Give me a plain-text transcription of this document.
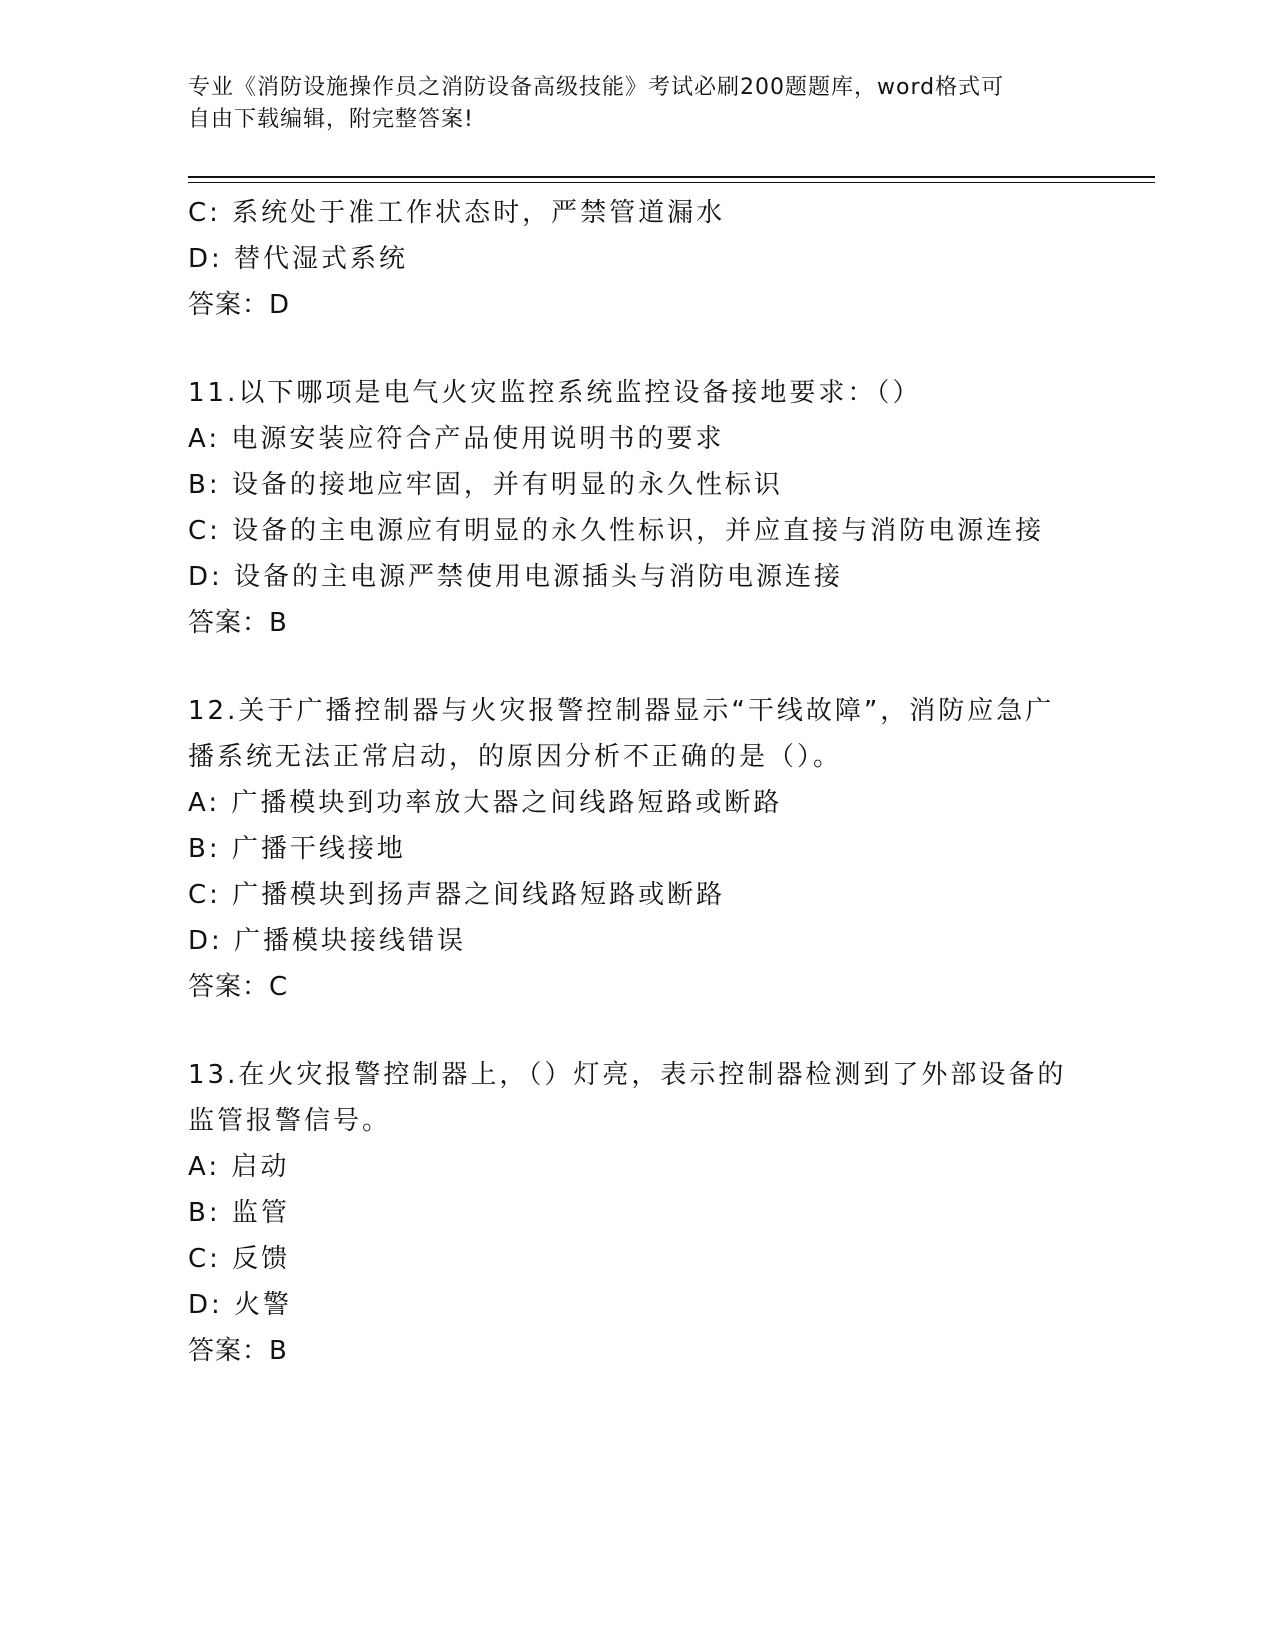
专业《消防设施操作员之消防设备高级技能》考试必刷200题题库，word格式可
自由下载编辑，附完整答案!
C: 系统处于准工作状态时，严禁管道漏水
D: 替代湿式系统
答案：D
11.以下哪项是电气火灾监控系统监控设备接地要求：（）
A: 电源安装应符合产品使用说明书的要求
B: 设备的接地应牢固，并有明显的永久性标识
C: 设备的主电源应有明显的永久性标识，并应直接与消防电源连接
D: 设备的主电源严禁使用电源插头与消防电源连接
答案：B
12.关于广播控制器与火灾报警控制器显示“干线故障”，消防应急广
播系统无法正常启动，的原因分析不正确的是（）。
A: 广播模块到功率放大器之间线路短路或断路
B: 广播干线接地
C: 广播模块到扬声器之间线路短路或断路
D: 广播模块接线错误
答案：C
13.在火灾报警控制器上，（）灯亮，表示控制器检测到了外部设备的
监管报警信号。
A: 启动
B: 监管
C: 反馈
D: 火警
答案：B
